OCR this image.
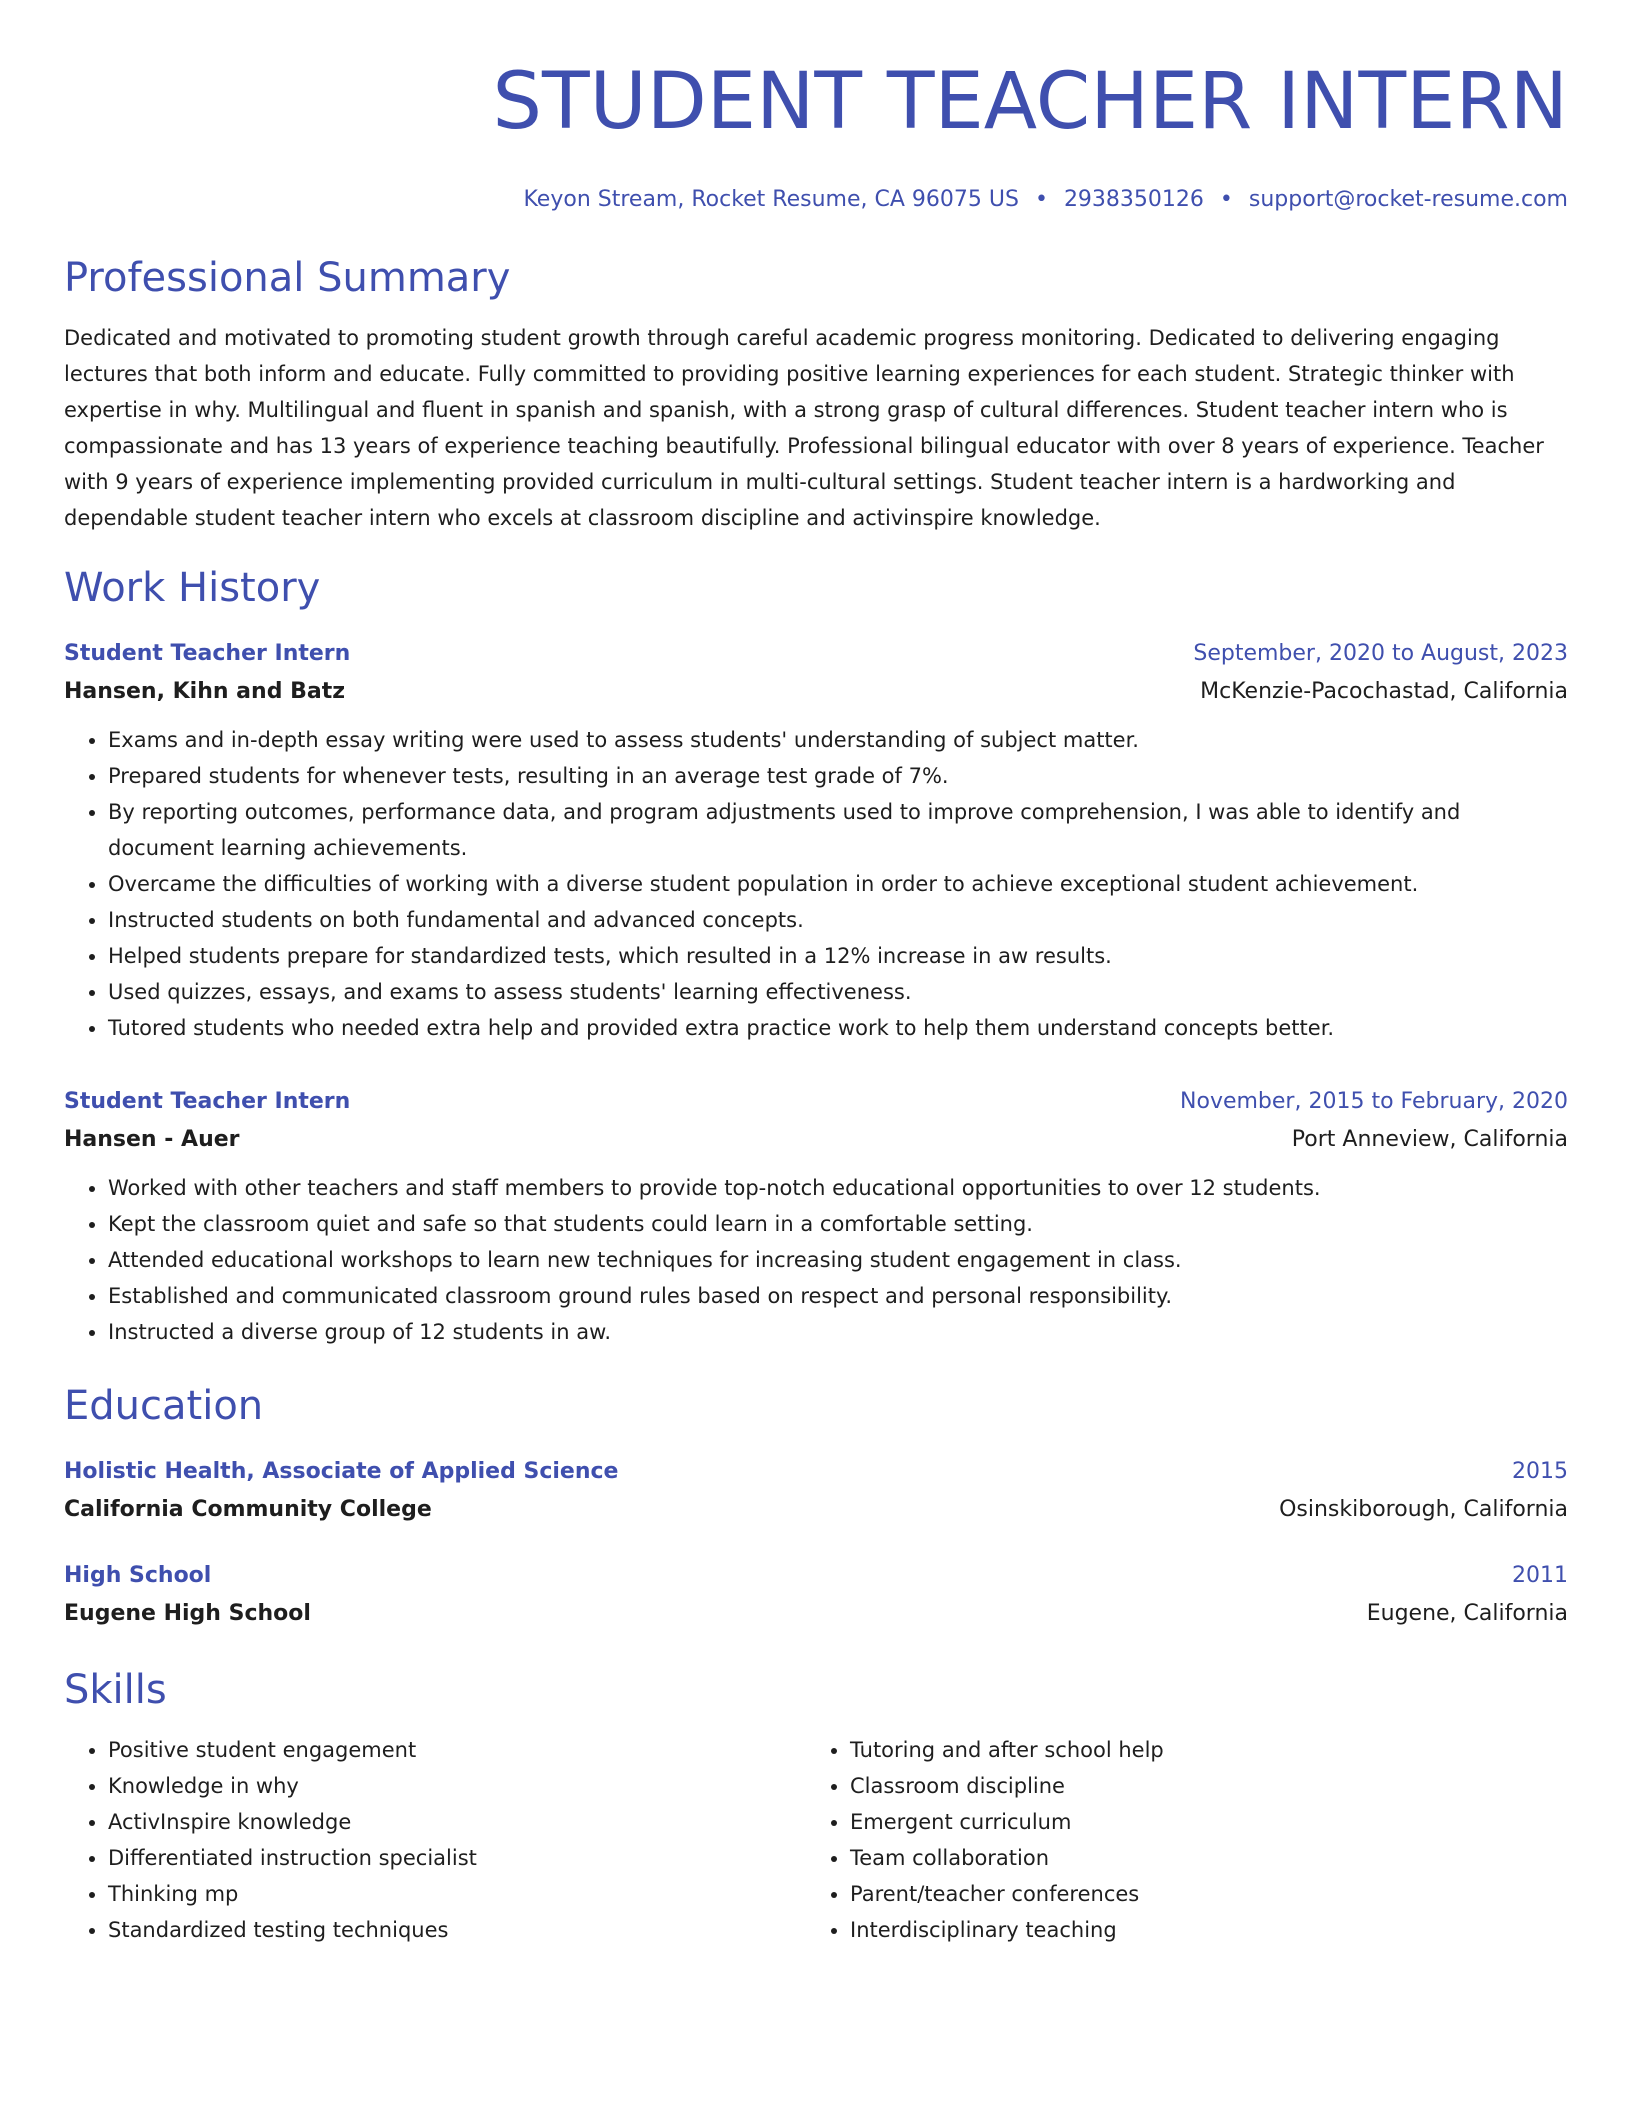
STUDENT TEACHER INTERN
Keyon Stream, Rocket Resume, CA 96075 US • 2938350126 • support@rocket-resume.com
Professional Summary
Dedicated and motivated to promoting student growth through careful academic progress monitoring. Dedicated to delivering engaging lectures that both inform and educate. Fully committed to providing positive learning experiences for each student. Strategic thinker with expertise in why. Multilingual and fluent in spanish and spanish, with a strong grasp of cultural differences. Student teacher intern who is compassionate and has 13 years of experience teaching beautifully. Professional bilingual educator with over 8 years of experience. Teacher with 9 years of experience implementing provided curriculum in multi-cultural settings. Student teacher intern is a hardworking and dependable student teacher intern who excels at classroom discipline and activinspire knowledge.
Work History
Student Teacher Intern	September, 2020 to August, 2023
Hansen, Kihn and Batz	McKenzie-Pacochastad, California
• Exams and in-depth essay writing were used to assess students' understanding of subject matter.
• Prepared students for whenever tests, resulting in an average test grade of 7%.
• By reporting outcomes, performance data, and program adjustments used to improve comprehension, I was able to identify and document learning achievements.
• Overcame the difficulties of working with a diverse student population in order to achieve exceptional student achievement.
• Instructed students on both fundamental and advanced concepts.
• Helped students prepare for standardized tests, which resulted in a 12% increase in aw results.
• Used quizzes, essays, and exams to assess students' learning effectiveness.
• Tutored students who needed extra help and provided extra practice work to help them understand concepts better.
Student Teacher Intern	November, 2015 to February, 2020
Hansen - Auer	Port Anneview, California
• Worked with other teachers and staff members to provide top-notch educational opportunities to over 12 students.
• Kept the classroom quiet and safe so that students could learn in a comfortable setting.
• Attended educational workshops to learn new techniques for increasing student engagement in class.
• Established and communicated classroom ground rules based on respect and personal responsibility.
• Instructed a diverse group of 12 students in aw.
Education
Holistic Health, Associate of Applied Science	2015
California Community College	Osinskiborough, California
High School	2011
Eugene High School	Eugene, California
Skills
• Positive student engagement
• Knowledge in why
• ActivInspire knowledge
• Differentiated instruction specialist
• Thinking mp
• Standardized testing techniques
• Tutoring and after school help
• Classroom discipline
• Emergent curriculum
• Team collaboration
• Parent/teacher conferences
• Interdisciplinary teaching
